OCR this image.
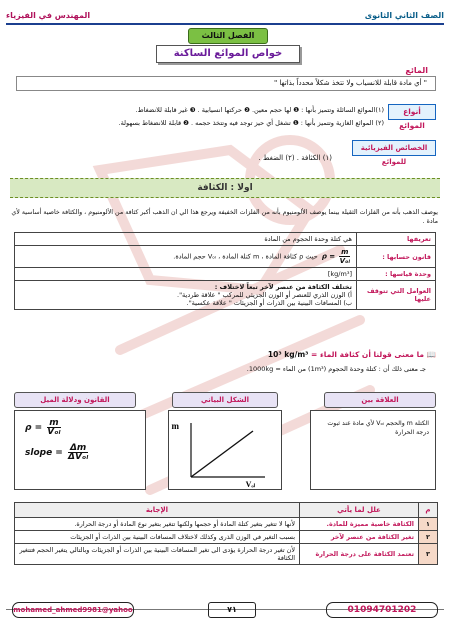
الصف الثاني الثانوى
المهندس في الفيزياء
الفصل الثالث
خواص الموائع الساكنة
المائع
" أي مادة قابلة للانسياب ولا تتخذ شكلاً محدداً بذاتها "
أنواع الموائع
(۱)الموائع السائلة وتتميز بأنها : ❶ لها حجم معين. ❷ حركتها انسيابية . ❸ غير قابلة للانضغاط.
(۲) الموائع الغازية وتتميز بأنها : ❶ تشغل أي حيز توجد فيه وتتخذ حجمه . ❷ قابلة للانضغاط بسهولة.
الخصائص الفيزيائية للموائع
(١) الكثافة . (٢) الضغط .
اولا : الكثافة
يوصف الذهب بأنه من الفلزات الثقيلة بينما يوصف الألومنيوم بأنه من الفلزات الخفيفة ويرجع هذا الي ان الذهب أكبر كثافة من الألومنيوم ، والكثافة خاصية أساسية لأي مادة .
تعريفها	هي كتلة وحدة الحجوم من المادة
قانون حسابها :	$\rho = \frac{m}{\text{Vₒₗ}}$
حيث ρ كثافة المادة ، m كتلة المادة ، Vₒₗ حجم المادة.
وحدة قياسها :	[kg/m³]
العوامل التي تتوقف عليها	تختلف الكثافة من عنصر لآخر تبعاً لاختلاف :
أ) الوزن الذري للعنصر أو الوزن الجزيئي للمركب " علاقة طردية".
ب) المسافات البينية بين الذرات أو الجزيئات " علاقة عكسية".
📖 ما معنى قولنا أن كثافة الماء = 10³ kg/m³
جـ معنى ذلك أن : كتلة وحدة الحجوم (1m³) من الماء = 1000kg.
العلاقة بين
الشكل البياني
القانون ودلالة الميل
الكتلة m والحجم Vₒₗ لأي مادة عند ثبوت درجة الحرارة
m
Vₒₗ
ρ =
$\frac{m}{\text{Vₒₗ}}$
slope =
$\frac{\Delta m}{\text{ΔVₒₗ}}$
م	علل لما يأتي	الإجابة
١	الكثافة خاصية مميزة للمادة.	لأنها لا تتغير بتغير كتلة المادة أو حجمها ولكنها تتغير بتغير نوع المادة أو درجة الحرارة.
٢	تغير الكثافة من عنصر لآخر	بسبب التغير في الوزن الذرى وكذلك لاختلاف المسافات البينية بين الذرات أو الجزيئات
٣	تعتمد الكثافة على درجة الحرارة	لأن تغير درجة الحرارة يؤدى الى تغير المسافات البينية بين الذرات أو الجزيئات وبالتالي يتغير الحجم فتتغير الكثافة
01094701202
٧١
mohamed_ahmed9981@yahoo
